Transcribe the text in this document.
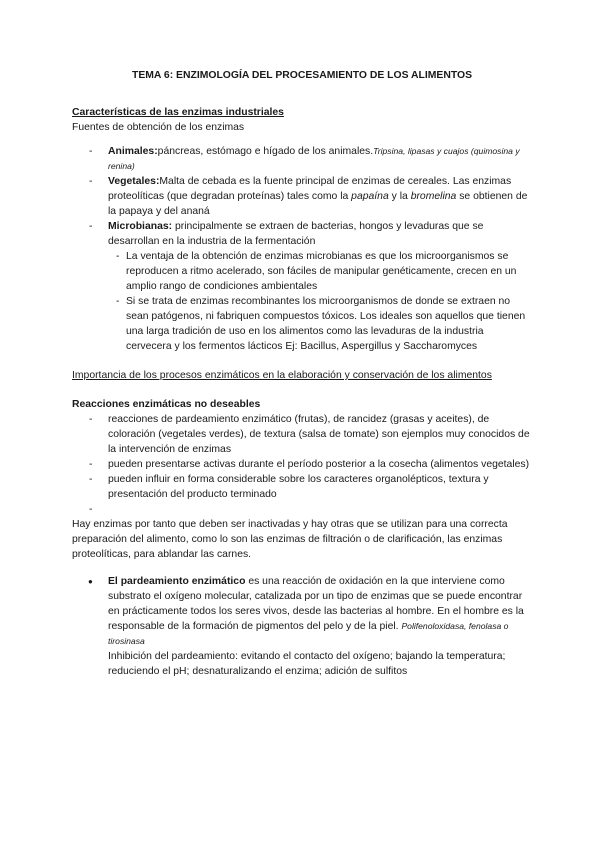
TEMA 6: ENZIMOLOGÍA DEL PROCESAMIENTO DE LOS ALIMENTOS

Características de las enzimas industriales

Fuentes de obtención de los enzimas

- Animales:páncreas, estómago e hígado de los animales.Tripsina, lipasas y cuajos (quimosina y renina)
- Vegetales:Malta de cebada es la fuente principal de enzimas de cereales. Las enzimas proteolíticas (que degradan proteínas) tales como la papaína y la bromelina se obtienen de la papaya y del ananá
- Microbianas: principalmente se extraen de bacterias, hongos y levaduras que se desarrollan en la industria de la fermentación
- La ventaja de la obtención de enzimas microbianas es que los microorganismos se reproducen a ritmo acelerado, son fáciles de manipular genéticamente, crecen en un amplio rango de condiciones ambientales
- Si se trata de enzimas recombinantes los microorganismos de donde se extraen no sean patógenos, ni fabriquen compuestos tóxicos. Los ideales son aquellos que tienen una larga tradición de uso en los alimentos como las levaduras de la industria cervecera y los fermentos lácticos Ej: Bacillus, Aspergillus y Saccharomyces

Importancia de los procesos enzimáticos en la elaboración y conservación de los alimentos

Reacciones enzimáticas no deseables

- reacciones de pardeamiento enzimático (frutas), de rancidez (grasas y aceites), de coloración (vegetales verdes), de textura (salsa de tomate) son ejemplos muy conocidos de la intervención de enzimas
- pueden presentarse activas durante el período posterior a la cosecha (alimentos vegetales)
- pueden influir en forma considerable sobre los caracteres organolépticos, textura y presentación del producto terminado
-

Hay enzimas por tanto que deben ser inactivadas y hay otras que se utilizan para una correcta preparación del alimento, como lo son las enzimas de filtración o de clarificación, las enzimas proteolíticas, para ablandar las carnes.

● El pardeamiento enzimático es una reacción de oxidación en la que interviene como substrato el oxígeno molecular, catalizada por un tipo de enzimas que se puede encontrar en prácticamente todos los seres vivos, desde las bacterias al hombre. En el hombre es la responsable de la formación de pigmentos del pelo y de la piel. Polifenoloxidasa, fenolasa o tirosinasa
Inhibición del pardeamiento: evitando el contacto del oxígeno; bajando la temperatura; reduciendo el pH; desnaturalizando el enzima; adición de sulfitos
